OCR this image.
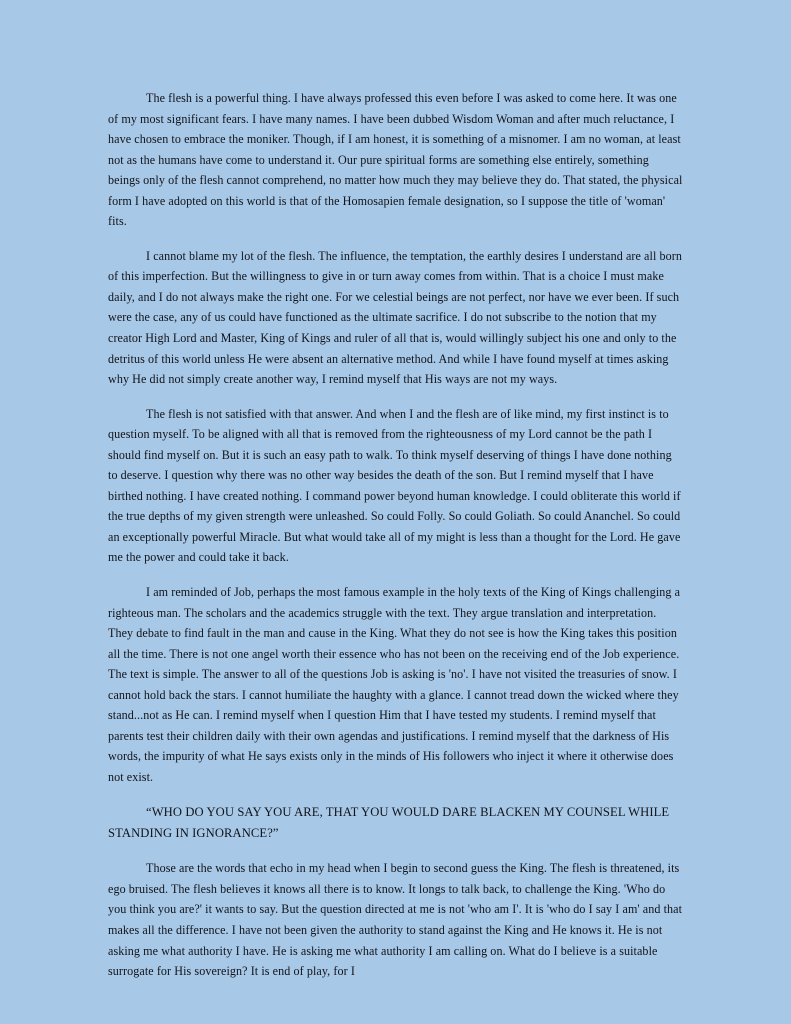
The flesh is a powerful thing. I have always professed this even before I was asked to come here. It was one of my most significant fears. I have many names. I have been dubbed Wisdom Woman and after much reluctance, I have chosen to embrace the moniker. Though, if I am honest, it is something of a misnomer. I am no woman, at least not as the humans have come to understand it. Our pure spiritual forms are something else entirely, something beings only of the flesh cannot comprehend, no matter how much they may believe they do. That stated, the physical form I have adopted on this world is that of the Homosapien female designation, so I suppose the title of 'woman' fits.

I cannot blame my lot of the flesh. The influence, the temptation, the earthly desires I understand are all born of this imperfection. But the willingness to give in or turn away comes from within. That is a choice I must make daily, and I do not always make the right one. For we celestial beings are not perfect, nor have we ever been. If such were the case, any of us could have functioned as the ultimate sacrifice. I do not subscribe to the notion that my creator High Lord and Master, King of Kings and ruler of all that is, would willingly subject his one and only to the detritus of this world unless He were absent an alternative method. And while I have found myself at times asking why He did not simply create another way, I remind myself that His ways are not my ways.

The flesh is not satisfied with that answer. And when I and the flesh are of like mind, my first instinct is to question myself. To be aligned with all that is removed from the righteousness of my Lord cannot be the path I should find myself on. But it is such an easy path to walk. To think myself deserving of things I have done nothing to deserve. I question why there was no other way besides the death of the son. But I remind myself that I have birthed nothing. I have created nothing. I command power beyond human knowledge. I could obliterate this world if the true depths of my given strength were unleashed. So could Folly. So could Goliath. So could Ananchel. So could an exceptionally powerful Miracle. But what would take all of my might is less than a thought for the Lord. He gave me the power and could take it back.

I am reminded of Job, perhaps the most famous example in the holy texts of the King of Kings challenging a righteous man. The scholars and the academics struggle with the text. They argue translation and interpretation. They debate to find fault in the man and cause in the King. What they do not see is how the King takes this position all the time. There is not one angel worth their essence who has not been on the receiving end of the Job experience. The text is simple. The answer to all of the questions Job is asking is 'no'. I have not visited the treasuries of snow. I cannot hold back the stars. I cannot humiliate the haughty with a glance. I cannot tread down the wicked where they stand...not as He can. I remind myself when I question Him that I have tested my students. I remind myself that parents test their children daily with their own agendas and justifications. I remind myself that the darkness of His words, the impurity of what He says exists only in the minds of His followers who inject it where it otherwise does not exist.

“WHO DO YOU SAY YOU ARE, THAT YOU WOULD DARE BLACKEN MY COUNSEL WHILE STANDING IN IGNORANCE?”

Those are the words that echo in my head when I begin to second guess the King. The flesh is threatened, its ego bruised. The flesh believes it knows all there is to know. It longs to talk back, to challenge the King. 'Who do you think you are?' it wants to say. But the question directed at me is not 'who am I'. It is 'who do I say I am' and that makes all the difference. I have not been given the authority to stand against the King and He knows it. He is not asking me what authority I have. He is asking me what authority I am calling on. What do I believe is a suitable surrogate for His sovereign? It is end of play, for I
